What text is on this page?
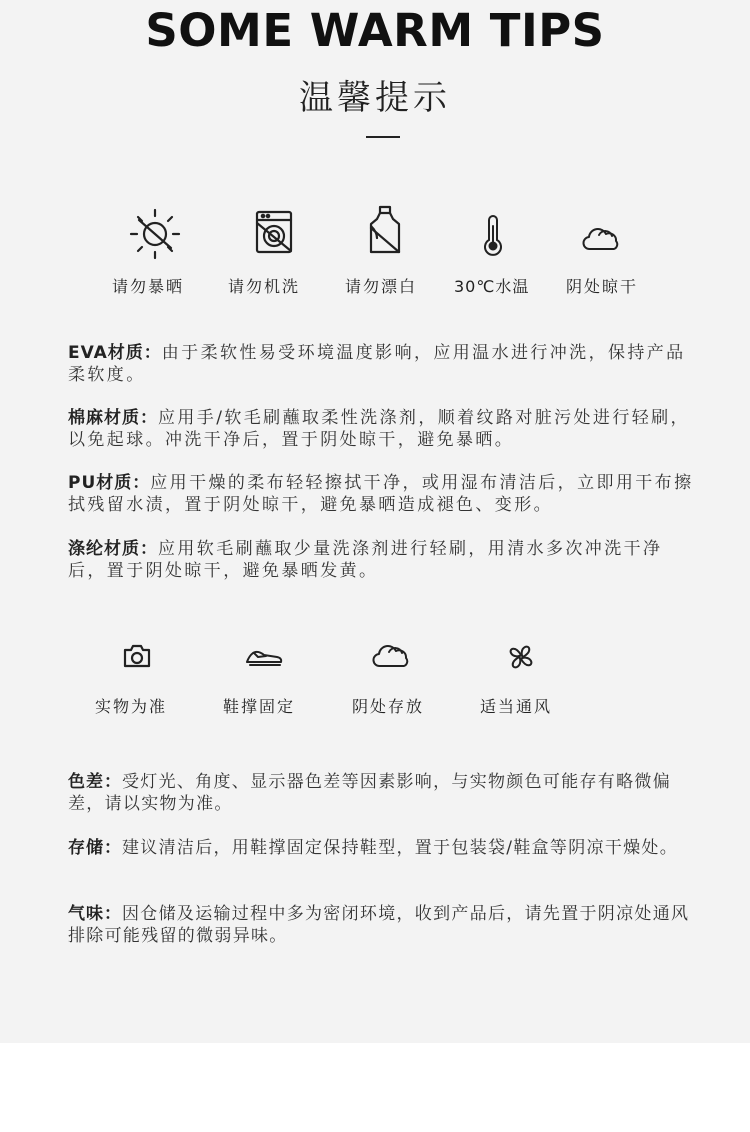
SOME WARM TIPS
温馨提示
请勿暴晒	请勿机洗	请勿漂白 30℃水温 阴处晾干
EVA材质：由于柔软性易受环境温度影响，应用温水进行冲洗，保持产品柔软度。
棉麻材质：应用手/软毛刷蘸取柔性洗涤剂，顺着纹路对脏污处进行轻刷，以免起球。冲洗干净后，置于阴处晾干，避免暴晒。
PU材质：应用干燥的柔布轻轻擦拭干净，或用湿布清洁后，立即用干布擦拭残留水渍，置于阴处晾干，避免暴晒造成褪色、变形。
涤纶材质：应用软毛刷蘸取少量洗涤剂进行轻刷，用清水多次冲洗干净后，置于阴处晾干，避免暴晒发黄。
实物为准	鞋撑固定	阴处存放	适当通风
色差：受灯光、角度、显示器色差等因素影响，与实物颜色可能存有略微偏差，请以实物为准。
存储：建议清洁后，用鞋撑固定保持鞋型，置于包装袋/鞋盒等阴凉干燥处。
气味：因仓储及运输过程中多为密闭环境，收到产品后，请先置于阴凉处通风排除可能残留的微弱异味。
